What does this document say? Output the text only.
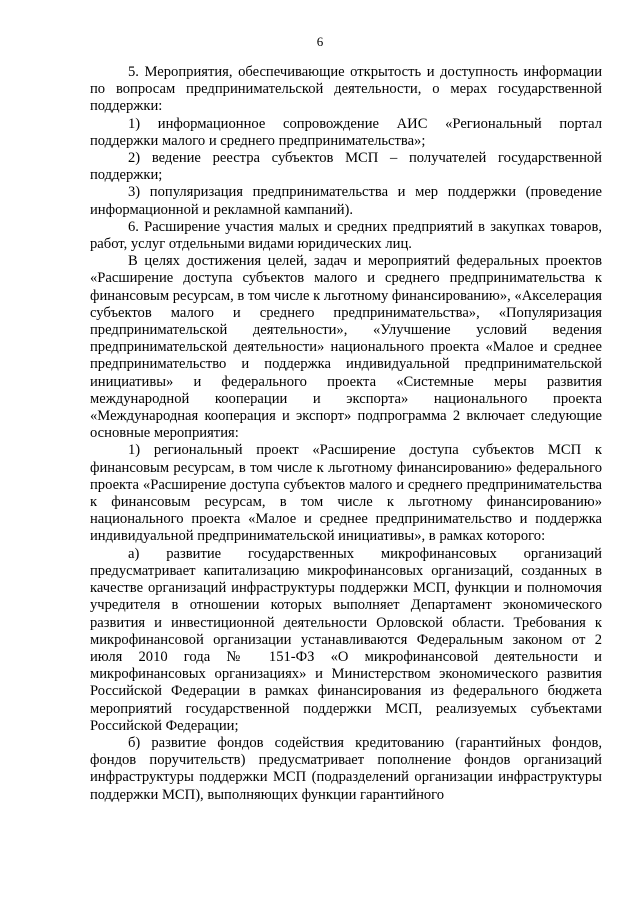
6

5. Мероприятия, обеспечивающие открытость и доступность информации по вопросам предпринимательской деятельности, о мерах государственной поддержки:

1) информационное сопровождение АИС «Региональный портал поддержки малого и среднего предпринимательства»;

2) ведение реестра субъектов МСП – получателей государственной поддержки;

3) популяризация предпринимательства и мер поддержки (проведение информационной и рекламной кампаний).

6. Расширение участия малых и средних предприятий в закупках товаров, работ, услуг отдельными видами юридических лиц.

В целях достижения целей, задач и мероприятий федеральных проектов «Расширение доступа субъектов малого и среднего предпринимательства к финансовым ресурсам, в том числе к льготному финансированию», «Акселерация субъектов малого и среднего предпринимательства», «Популяризация предпринимательской деятельности», «Улучшение условий ведения предпринимательской деятельности» национального проекта «Малое и среднее предпринимательство и поддержка индивидуальной предпринимательской инициативы» и федерального проекта «Системные меры развития международной кооперации и экспорта» национального проекта «Международная кооперация и экспорт» подпрограмма 2 включает следующие основные мероприятия:

1) региональный проект «Расширение доступа субъектов МСП к финансовым ресурсам, в том числе к льготному финансированию» федерального проекта «Расширение доступа субъектов малого и среднего предпринимательства к финансовым ресурсам, в том числе к льготному финансированию» национального проекта «Малое и среднее предпринимательство и поддержка индивидуальной предпринимательской инициативы», в рамках которого:

а) развитие государственных микрофинансовых организаций предусматривает капитализацию микрофинансовых организаций, созданных в качестве организаций инфраструктуры поддержки МСП, функции и полномочия учредителя в отношении которых выполняет Департамент экономического развития и инвестиционной деятельности Орловской области. Требования к микрофинансовой организации устанавливаются Федеральным законом от 2 июля 2010 года № 151-ФЗ «О микрофинансовой деятельности и микрофинансовых организациях» и Министерством экономического развития Российской Федерации в рамках финансирования из федерального бюджета мероприятий государственной поддержки МСП, реализуемых субъектами Российской Федерации;

б) развитие фондов содействия кредитованию (гарантийных фондов, фондов поручительств) предусматривает пополнение фондов организаций инфраструктуры поддержки МСП (подразделений организации инфраструктуры поддержки МСП), выполняющих функции гарантийного
